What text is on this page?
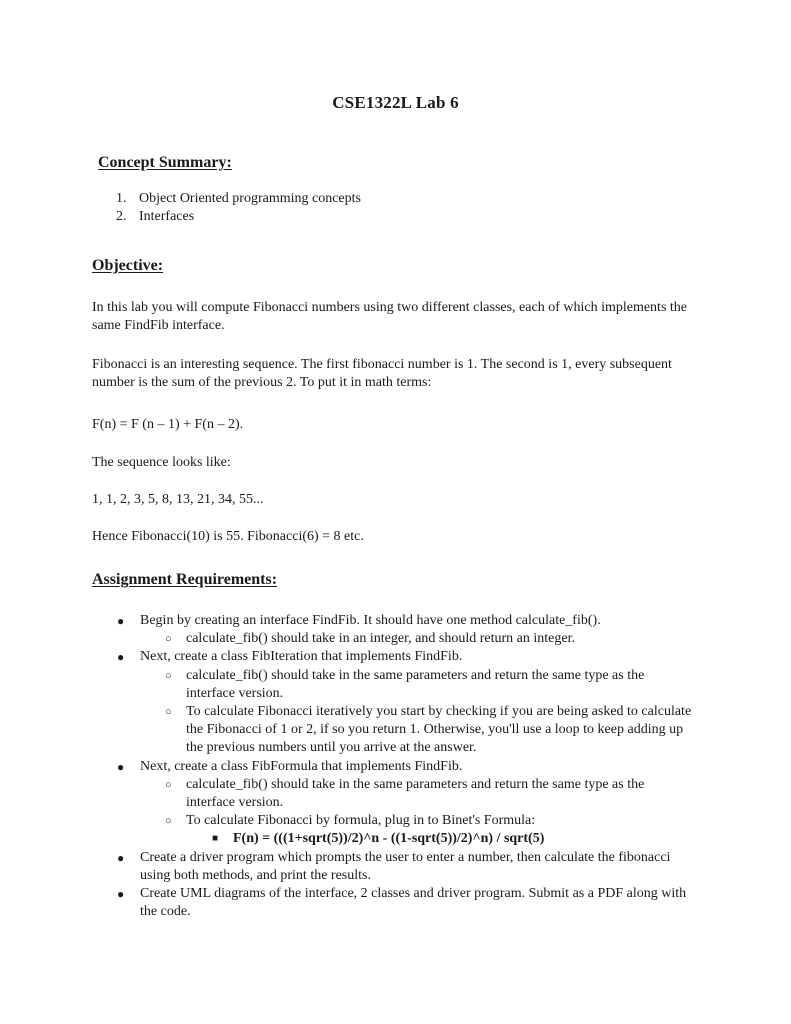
CSE1322L Lab 6
Concept Summary:
1. Object Oriented programming concepts
2. Interfaces
Objective:
In this lab you will compute Fibonacci numbers using two different classes, each of which implements the same FindFib interface.
Fibonacci is an interesting sequence. The first fibonacci number is 1. The second is 1, every subsequent number is the sum of the previous 2. To put it in math terms:
F(n) = F (n – 1) + F(n – 2).
The sequence looks like:
1, 1, 2, 3, 5, 8, 13, 21, 34, 55...
Hence Fibonacci(10) is 55. Fibonacci(6) = 8 etc.
Assignment Requirements:
● Begin by creating an interface FindFib. It should have one method calculate_fib().
○ calculate_fib() should take in an integer, and should return an integer.
● Next, create a class FibIteration that implements FindFib.
○ calculate_fib() should take in the same parameters and return the same type as the interface version.
○ To calculate Fibonacci iteratively you start by checking if you are being asked to calculate the Fibonacci of 1 or 2, if so you return 1. Otherwise, you'll use a loop to keep adding up the previous numbers until you arrive at the answer.
● Next, create a class FibFormula that implements FindFib.
○ calculate_fib() should take in the same parameters and return the same type as the interface version.
○ To calculate Fibonacci by formula, plug in to Binet's Formula:
■ F(n) = (((1+sqrt(5))/2)^n - ((1-sqrt(5))/2)^n) / sqrt(5)
● Create a driver program which prompts the user to enter a number, then calculate the fibonacci using both methods, and print the results.
● Create UML diagrams of the interface, 2 classes and driver program. Submit as a PDF along with the code.
